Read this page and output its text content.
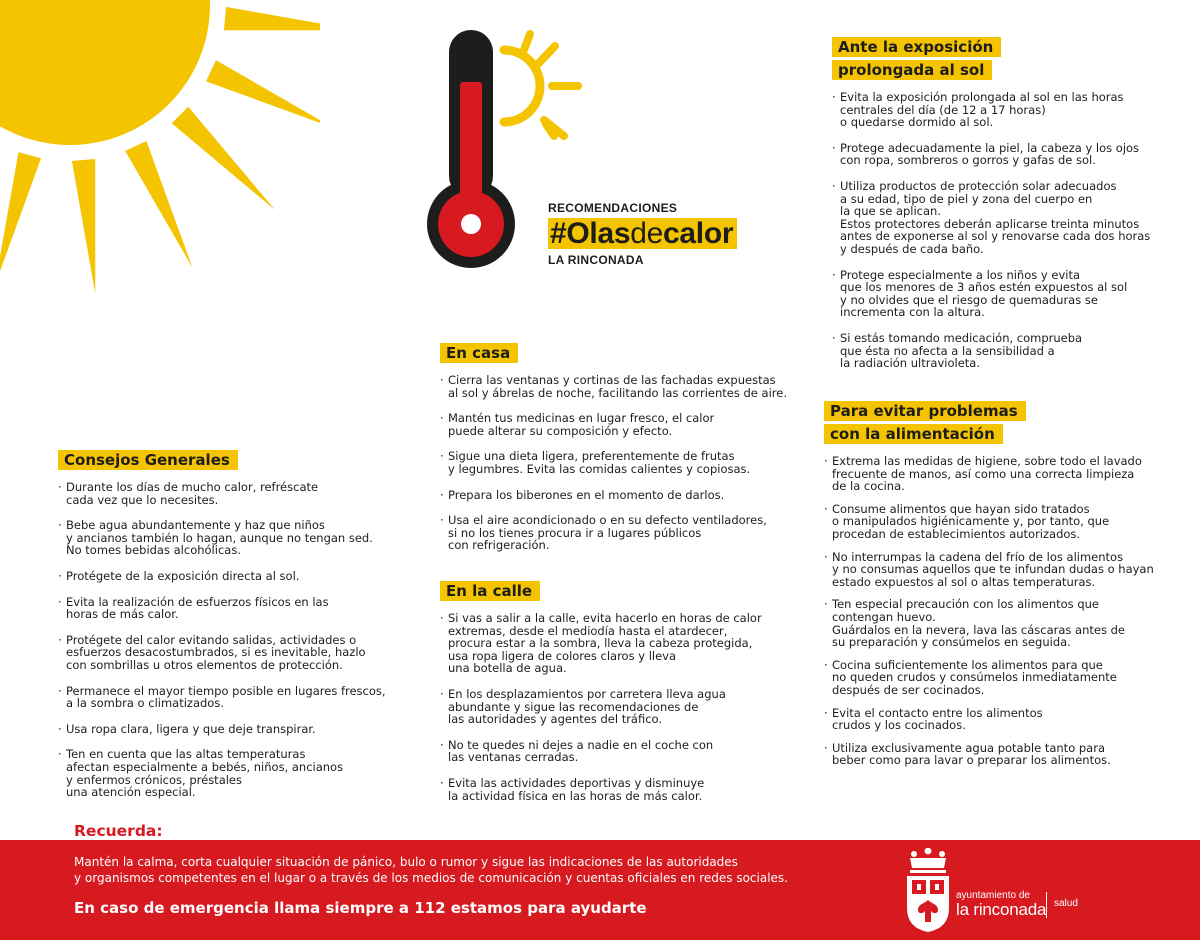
RECOMENDACIONES
#Olasdecalor
LA RINCONADA
Consejos Generales
· Durante los días de mucho calor, refréscate
cada vez que lo necesites.
· Bebe agua abundantemente y haz que niños
y ancianos también lo hagan, aunque no tengan sed.
No tomes bebidas alcohólicas.
· Protégete de la exposición directa al sol.
· Evita la realización de esfuerzos físicos en las
horas de más calor.
· Protégete del calor evitando salidas, actividades o
esfuerzos desacostumbrados, si es inevitable, hazlo
con sombrillas u otros elementos de protección.
· Permanece el mayor tiempo posible en lugares frescos,
a la sombra o climatizados.
· Usa ropa clara, ligera y que deje transpirar.
· Ten en cuenta que las altas temperaturas
afectan especialmente a bebés, niños, ancianos
y enfermos crónicos, préstales
una atención especial.
En casa
· Cierra las ventanas y cortinas de las fachadas expuestas
al sol y ábrelas de noche, facilitando las corrientes de aire.
· Mantén tus medicinas en lugar fresco, el calor
puede alterar su composición y efecto.
· Sigue una dieta ligera, preferentemente de frutas
y legumbres. Evita las comidas calientes y copiosas.
· Prepara los biberones en el momento de darlos.
· Usa el aire acondicionado o en su defecto ventiladores,
si no los tienes procura ir a lugares públicos
con refrigeración.
En la calle
· Si vas a salir a la calle, evita hacerlo en horas de calor
extremas, desde el mediodía hasta el atardecer,
procura estar a la sombra, lleva la cabeza protegida,
usa ropa ligera de colores claros y lleva
una botella de agua.
· En los desplazamientos por carretera lleva agua
abundante y sigue las recomendaciones de
las autoridades y agentes del tráfico.
· No te quedes ni dejes a nadie en el coche con
las ventanas cerradas.
· Evita las actividades deportivas y disminuye
la actividad física en las horas de más calor.
Ante la exposición
prolongada al sol
· Evita la exposición prolongada al sol en las horas
centrales del día (de 12 a 17 horas)
o quedarse dormido al sol.
· Protege adecuadamente la piel, la cabeza y los ojos
con ropa, sombreros o gorros y gafas de sol.
· Utiliza productos de protección solar adecuados
a su edad, tipo de piel y zona del cuerpo en
la que se aplican.
Estos protectores deberán aplicarse treinta minutos
antes de exponerse al sol y renovarse cada dos horas
y después de cada baño.
· Protege especialmente a los niños y evita
que los menores de 3 años estén expuestos al sol
y no olvides que el riesgo de quemaduras se
incrementa con la altura.
· Si estás tomando medicación, comprueba
que ésta no afecta a la sensibilidad a
la radiación ultravioleta.
Para evitar problemas
con la alimentación
· Extrema las medidas de higiene, sobre todo el lavado
frecuente de manos, así como una correcta limpieza
de la cocina.
· Consume alimentos que hayan sido tratados
o manipulados higiénicamente y, por tanto, que
procedan de establecimientos autorizados.
· No interrumpas la cadena del frío de los alimentos
y no consumas aquellos que te infundan dudas o hayan
estado expuestos al sol o altas temperaturas.
· Ten especial precaución con los alimentos que
contengan huevo.
Guárdalos en la nevera, lava las cáscaras antes de
su preparación y consúmelos en seguida.
· Cocina suficientemente los alimentos para que
no queden crudos y consúmelos inmediatamente
después de ser cocinados.
· Evita el contacto entre los alimentos
crudos y los cocinados.
· Utiliza exclusivamente agua potable tanto para
beber como para lavar o preparar los alimentos.
Recuerda:
Mantén la calma, corta cualquier situación de pánico, bulo o rumor y sigue las indicaciones de las autoridades
y organismos competentes en el lugar o a través de los medios de comunicación y cuentas oficiales en redes sociales.
En caso de emergencia llama siempre a 112 estamos para ayudarte
ayuntamiento de
la rinconada salud
